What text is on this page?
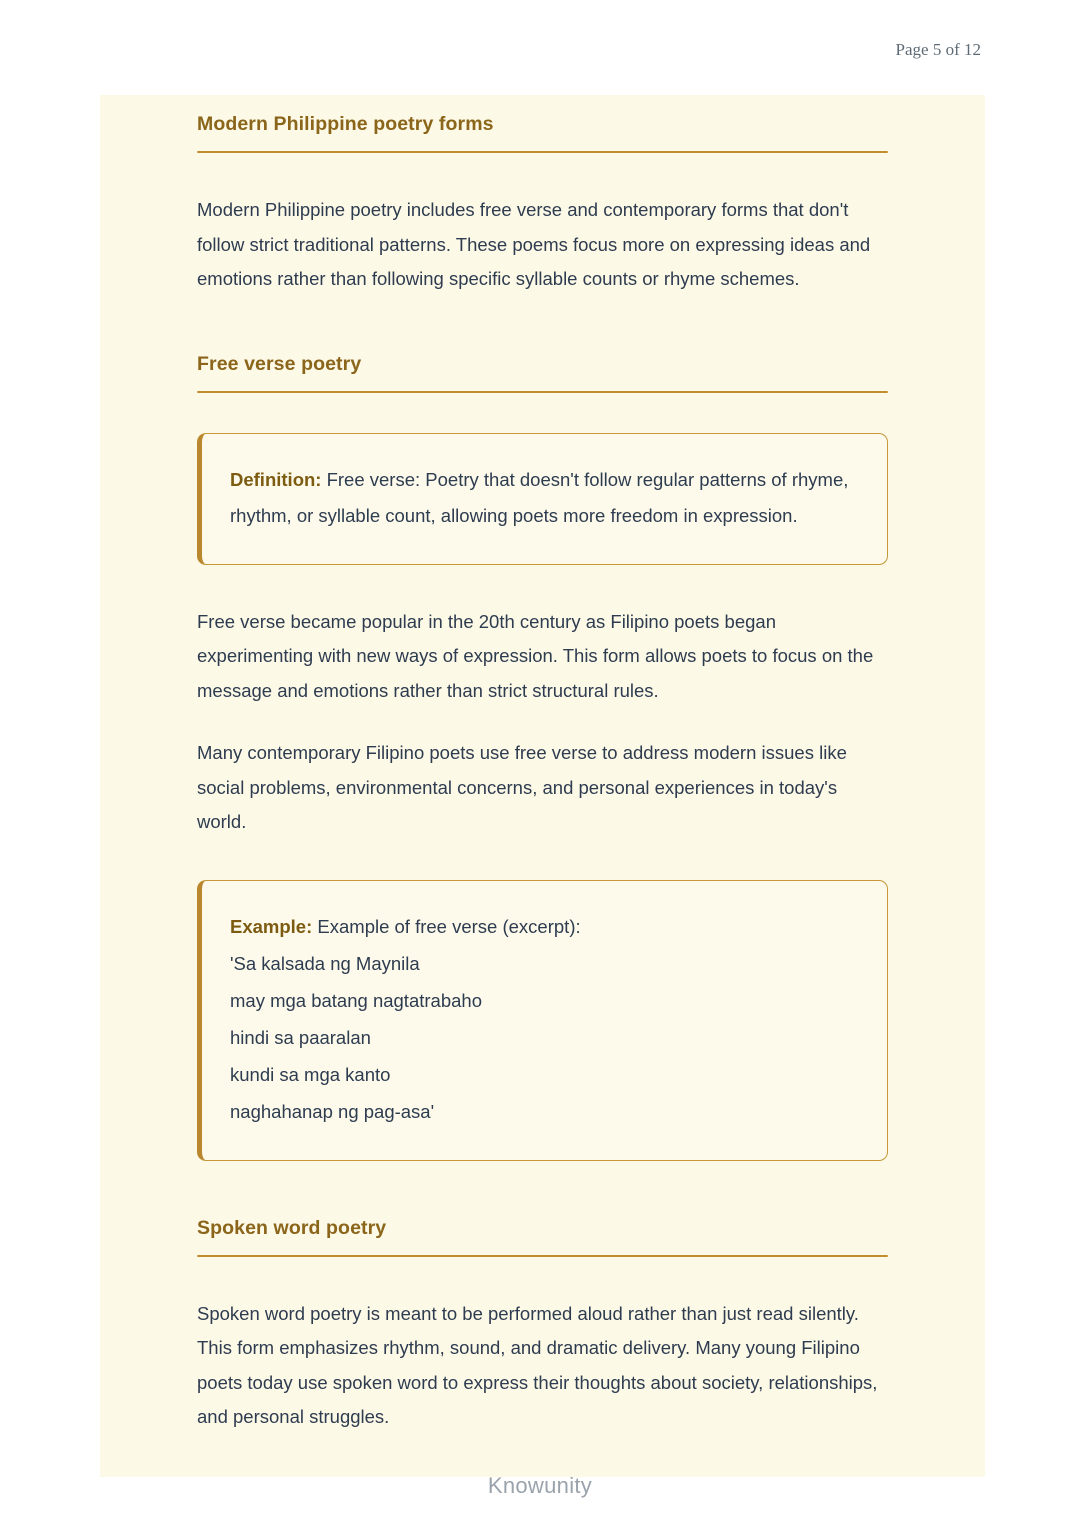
Page 5 of 12
Modern Philippine poetry forms

Modern Philippine poetry includes free verse and contemporary forms that don't follow strict traditional patterns. These poems focus more on expressing ideas and emotions rather than following specific syllable counts or rhyme schemes.

Free verse poetry
Definition: Free verse: Poetry that doesn't follow regular patterns of rhyme, rhythm, or syllable count, allowing poets more freedom in expression.

Free verse became popular in the 20th century as Filipino poets began experimenting with new ways of expression. This form allows poets to focus on the message and emotions rather than strict structural rules.

Many contemporary Filipino poets use free verse to address modern issues like social problems, environmental concerns, and personal experiences in today's world.

Example: Example of free verse (excerpt):
'Sa kalsada ng Maynila
may mga batang nagtatrabaho
hindi sa paaralan
kundi sa mga kanto
naghahanap ng pag-asa'
Spoken word poetry

Spoken word poetry is meant to be performed aloud rather than just read silently. This form emphasizes rhythm, sound, and dramatic delivery. Many young Filipino poets today use spoken word to express their thoughts about society, relationships, and personal struggles.

Knowunity
